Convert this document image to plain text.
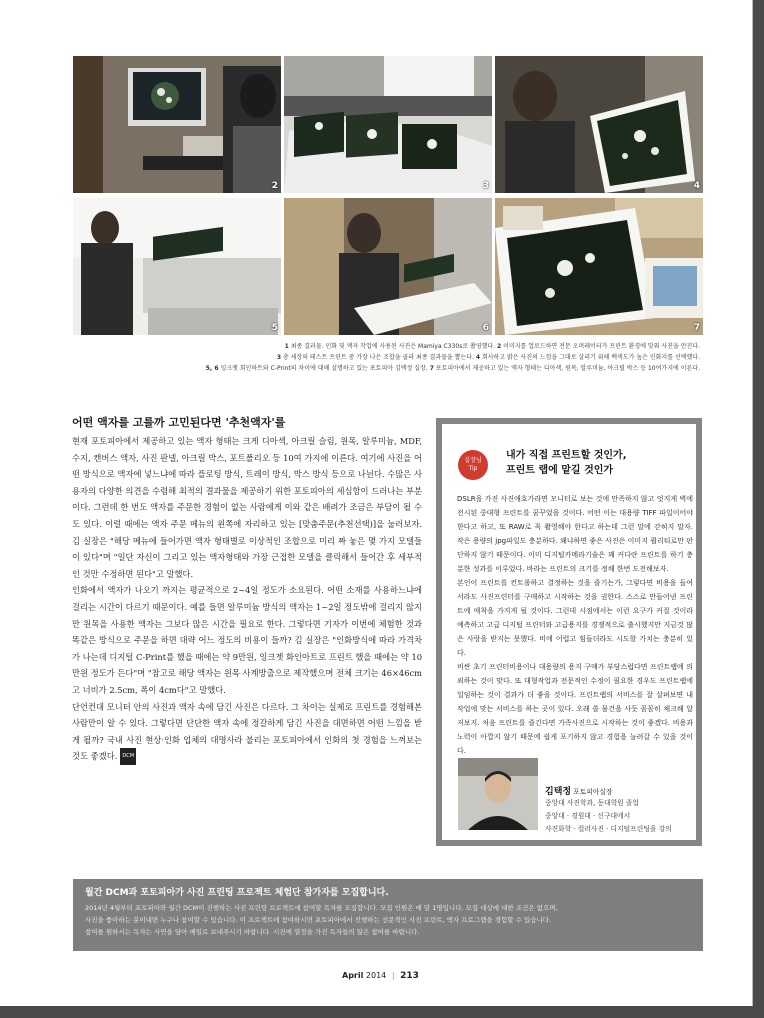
2	3	4
5	6	7
1 최종 결과물. 인화 및 액자 작업에 사용된 사진은 Mamiya C330s로 촬영했다. 2 이미지를 업로드하면 전문 오퍼레이터가 프린트 환경에 맞춰 사진을 만진다.
3 총 세장의 테스트 프린트 중 가장 나은 조합을 골라 최종 결과물을 뽑는다. 4 회사하고 밝은 사진의 느낌을 그대로 살리기 위해 백색도가 높은 인화지를 선택했다.
5, 6 잉크젯 회인하트와 C-Print의 차이에 대해 설명하고 있는 포토피아 김택정 실장. 7 포토피아에서 제공하고 있는 액자 형태는 디아섹, 원목, 알루미늄, 아크릴 박스 등 10여가지에 이른다.
어떤 액자를 고를까 고민된다면 '추천액자'를

현재 포토피아에서 제공하고 있는 액자 형태는 크게 디아섹, 아크릴 슬림, 원목, 알루미늄, MDF, 수지, 캔버스 액자, 사진 판넬, 아크릴 박스, 포트폴리오 등 10여 가지에 이른다. 여기에 사진을 어떤 방식으로 액자에 넣느냐에 따라 플로팅 방식, 트레이 방식, 박스 방식 등으로 나뉜다. 수많은 사용자의 다양한 의견을 수렴해 최적의 결과물을 제공하기 위한 포토피아의 세심함이 드러나는 부분이다. 그런데 한 번도 액자를 주문한 경험이 없는 사람에게 이와 같은 배려가 조금은 부담이 될 수도 있다. 이럴 때에는 액자 주문 메뉴의 왼쪽에 자리하고 있는 [맞춤주문(추천선택)]을 눌러보자. 김 실장은 "해당 메뉴에 들어가면 액자 형태별로 이상적인 조합으로 미리 짜 놓은 몇 가지 모델들이 있다"며 "일단 자신이 그리고 있는 액자형태와 가장 근접한 모델을 클릭해서 들어간 후 세부적인 것만 수정하면 된다"고 말했다.

인화에서 액자가 나오기 까지는 평균적으로 2~4일 정도가 소요된다. 어떤 소재를 사용하느냐에 걸리는 시간이 다르기 때문이다. 예를 들면 알루미늄 방식의 액자는 1~2일 정도밖에 걸리지 않지만 원목을 사용한 액자는 그보다 많은 시간을 필요로 한다. 그렇다면 기자가 이번에 체험한 것과 똑같은 방식으로 주문을 하면 대략 어느 정도의 비용이 들까? 김 실장은 "인화방식에 따라 가격차가 나는데 디지털 C-Print를 했을 때에는 약 9만원, 잉크젯 화인아트로 프린트 했을 때에는 약 10만원 정도가 든다"며 "참고로 해당 액자는 원목 사계방출으로 제작했으며 전체 크기는 46×46cm고 너비가 2.5cm, 폭이 4cm다"고 말했다.

단언컨대 모니터 안의 사진과 액자 속에 담긴 사진은 다르다. 그 차이는 실제로 프린트를 경험해본 사람만이 알 수 있다. 그렇다면 단단한 액자 속에 정갈하게 담긴 사진을 대면하면 어떤 느낌을 받게 될까? 국내 사진 현상·인화 업체의 대명사라 불리는 포토피아에서 인화의 첫 경험을 느껴보는 것도 좋겠다. DCM

실장님
Tip
내가 직접 프린트할 것인가,
프린트 랩에 맡길 것인가

DSLR을 가진 사진애호가라면 모니터로 보는 것에 만족하지 않고 엇지게 벽에 전시된 중대형 프린트를 꿈꾸었을 것이다. 어떤 이는 대용량 TIFF 파일이어야 한다고 하고, 또 RAW로 꼭 촬영해야 한다고 하는데 그런 말에 갇혀지 말자. 작은 용량의 jpg파일도 충분하다. 왜냐하면 좋은 사진은 이미지 퀄리티로만 판단하지 않기 때문이다. 이미 디지털카메라기술은 꽤 커다란 프린트를 하기 충분한 성과를 이루었다. 바라는 프린트의 크기를 정해 한번 도전해보자.

본인이 프린트를 컨트롤하고 결정하는 것을 즐기는가, 그렇다면 비용을 들여서라도 사진프린터를 구매하고 시작하는 것을 권한다. 스스로 만들어낸 프린트에 애착을 가지게 될 것이다. 그런데 시점에서는 이런 요구가 커질 것이라 예측하고 고급 디지털 프린터와 고급용지를 경쟁적으로 출시했지만 지금것 많은 사랑을 받지는 못했다. 비에 어렵고 힘들더라도 시도할 가치는 충분히 있다.

비싼 초기 프린터비용이나 대용량의 용지 구매가 부담스럽다면 프린트랩에 의뢰하는 것이 맞다. 또 대형작업과 전문적인 수정이 필요한 경우도 프린트랩에 일임하는 것이 결과가 더 좋을 것이다. 프린트랩의 서비스를 잘 살펴보면 내 작업에 맞는 서비스를 하는 곳이 있다. 오래 쓸 물건을 사듯 꼼꼼히 체크해 알저보지. 처음 프린트를 즐긴다면 가족사진으로 시작하는 것이 좋겠다. 비용과 노력이 아깝지 않기 때문에 쉽게 포기하지 않고 경험을 늘려갈 수 있을 것이다.

김택정 포토피아실장
중앙대 사진학과, 동대학원 졸업
중앙대 · 경원대 · 신구대에서
사진화학 · 컬러사진 · 디지털프린팅을 강의
월간 DCM과 포토피아가 사진 프린팅 프로젝트 체험단 참가자를 모집합니다.
2014년 4월부터 포토피아와 월간 DCM이 진행하는 사진 프린팅 프로젝트에 참여할 독자를 모집합니다. 모집 인원은 매 달 1명입니다. 모집 대상에 대한 조건은 없으며,
사진을 좋아하는 분이내면 누구나 참여할 수 있습니다. 이 프로젝트에 참여하시면 포토피아에서 진행하는 선문적인 사진 프린트, 액자 프로그램을 경험할 수 있습니다.
참여를 원하시는 독자는 사연을 담아 메일로 보내주시기 바랍니다. 시진에 열정을 가진 독자들의 많은 참여를 바랍니다.
April 2014 | 213
